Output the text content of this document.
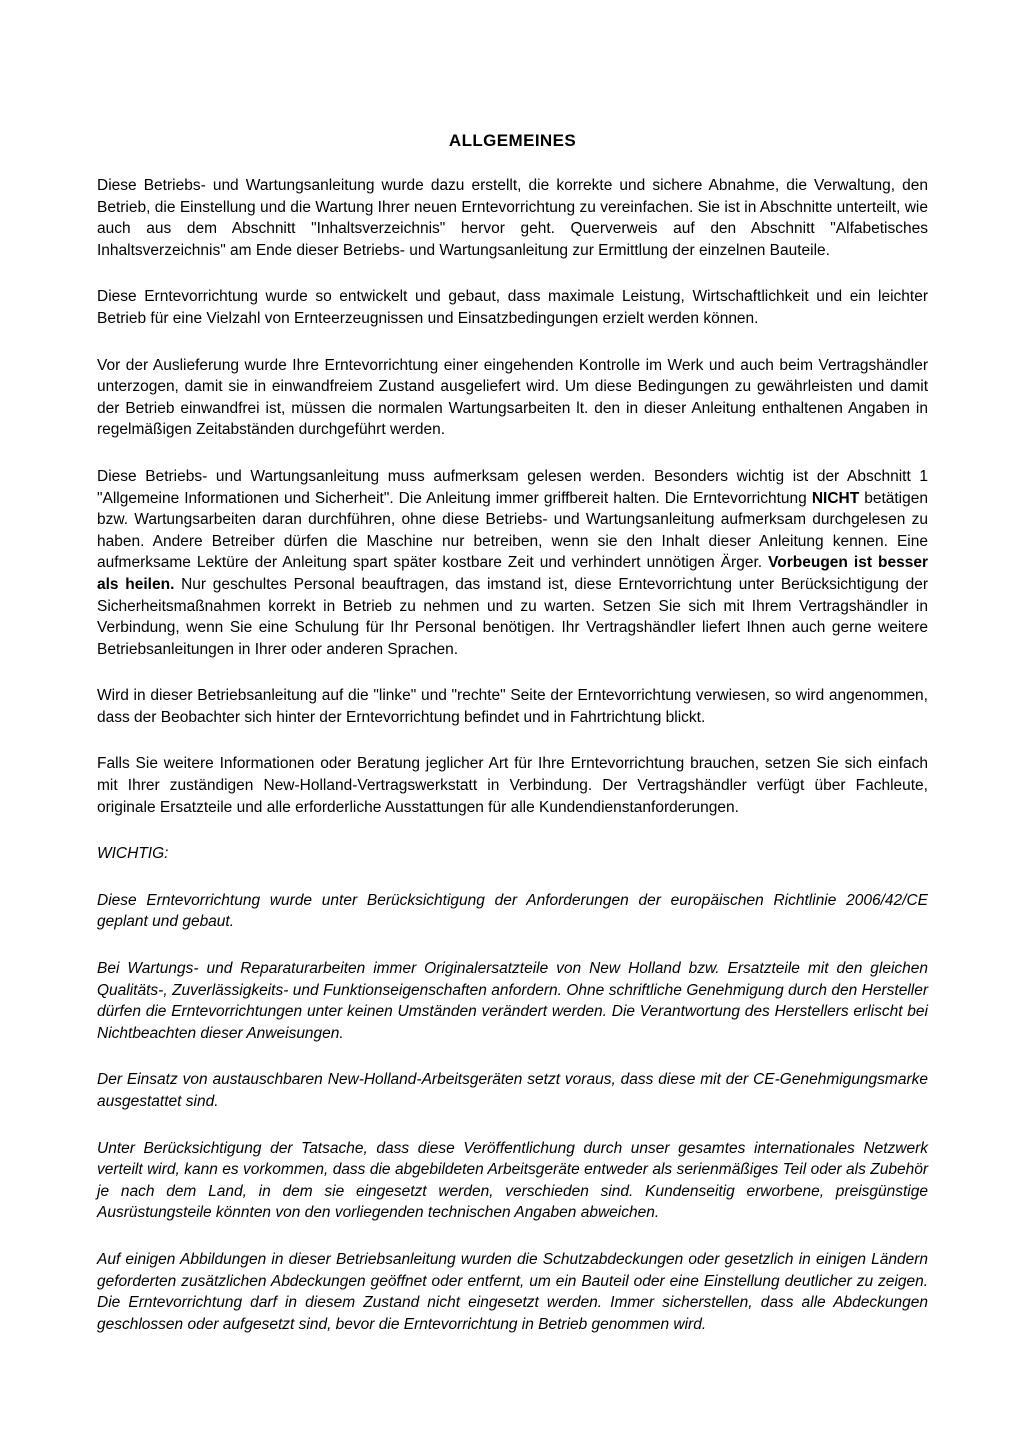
ALLGEMEINES

Diese Betriebs- und Wartungsanleitung wurde dazu erstellt, die korrekte und sichere Abnahme, die Verwaltung, den Betrieb, die Einstellung und die Wartung Ihrer neuen Erntevorrichtung zu vereinfachen. Sie ist in Abschnitte unterteilt, wie auch aus dem Abschnitt "Inhaltsverzeichnis" hervor geht. Querverweis auf den Abschnitt "Alfabetisches Inhaltsverzeichnis" am Ende dieser Betriebs- und Wartungsanleitung zur Ermittlung der einzelnen Bauteile.

Diese Erntevorrichtung wurde so entwickelt und gebaut, dass maximale Leistung, Wirtschaftlichkeit und ein leichter Betrieb für eine Vielzahl von Ernteerzeugnissen und Einsatzbedingungen erzielt werden können.

Vor der Auslieferung wurde Ihre Erntevorrichtung einer eingehenden Kontrolle im Werk und auch beim Vertragshändler unterzogen, damit sie in einwandfreiem Zustand ausgeliefert wird. Um diese Bedingungen zu gewährleisten und damit der Betrieb einwandfrei ist, müssen die normalen Wartungsarbeiten lt. den in dieser Anleitung enthaltenen Angaben in regelmäßigen Zeitabständen durchgeführt werden.

Diese Betriebs- und Wartungsanleitung muss aufmerksam gelesen werden. Besonders wichtig ist der Abschnitt 1 "Allgemeine Informationen und Sicherheit". Die Anleitung immer griffbereit halten. Die Erntevorrichtung NICHT betätigen bzw. Wartungsarbeiten daran durchführen, ohne diese Betriebs- und Wartungsanleitung aufmerksam durchgelesen zu haben. Andere Betreiber dürfen die Maschine nur betreiben, wenn sie den Inhalt dieser Anleitung kennen. Eine aufmerksame Lektüre der Anleitung spart später kostbare Zeit und verhindert unnötigen Ärger. Vorbeugen ist besser als heilen. Nur geschultes Personal beauftragen, das imstand ist, diese Erntevorrichtung unter Berücksichtigung der Sicherheitsmaßnahmen korrekt in Betrieb zu nehmen und zu warten. Setzen Sie sich mit Ihrem Vertragshändler in Verbindung, wenn Sie eine Schulung für Ihr Personal benötigen. Ihr Vertragshändler liefert Ihnen auch gerne weitere Betriebsanleitungen in Ihrer oder anderen Sprachen.

Wird in dieser Betriebsanleitung auf die "linke" und "rechte" Seite der Erntevorrichtung verwiesen, so wird angenommen, dass der Beobachter sich hinter der Erntevorrichtung befindet und in Fahrtrichtung blickt.

Falls Sie weitere Informationen oder Beratung jeglicher Art für Ihre Erntevorrichtung brauchen, setzen Sie sich einfach mit Ihrer zuständigen New-Holland-Vertragswerkstatt in Verbindung. Der Vertragshändler verfügt über Fachleute, originale Ersatzteile und alle erforderliche Ausstattungen für alle Kundendienstanforderungen.

WICHTIG:

Diese Erntevorrichtung wurde unter Berücksichtigung der Anforderungen der europäischen Richtlinie 2006/42/CE geplant und gebaut.

Bei Wartungs- und Reparaturarbeiten immer Originalersatzteile von New Holland bzw. Ersatzteile mit den gleichen Qualitäts-, Zuverlässigkeits- und Funktionseigenschaften anfordern. Ohne schriftliche Genehmigung durch den Hersteller dürfen die Erntevorrichtungen unter keinen Umständen verändert werden. Die Verantwortung des Herstellers erlischt bei Nichtbeachten dieser Anweisungen.

Der Einsatz von austauschbaren New-Holland-Arbeitsgeräten setzt voraus, dass diese mit der CE-Genehmigungsmarke ausgestattet sind.

Unter Berücksichtigung der Tatsache, dass diese Veröffentlichung durch unser gesamtes internationales Netzwerk verteilt wird, kann es vorkommen, dass die abgebildeten Arbeitsgeräte entweder als serienmäßiges Teil oder als Zubehör je nach dem Land, in dem sie eingesetzt werden, verschieden sind. Kundenseitig erworbene, preisgünstige Ausrüstungsteile könnten von den vorliegenden technischen Angaben abweichen.

Auf einigen Abbildungen in dieser Betriebsanleitung wurden die Schutzabdeckungen oder gesetzlich in einigen Ländern geforderten zusätzlichen Abdeckungen geöffnet oder entfernt, um ein Bauteil oder eine Einstellung deutlicher zu zeigen. Die Erntevorrichtung darf in diesem Zustand nicht eingesetzt werden. Immer sicherstellen, dass alle Abdeckungen geschlossen oder aufgesetzt sind, bevor die Erntevorrichtung in Betrieb genommen wird.
